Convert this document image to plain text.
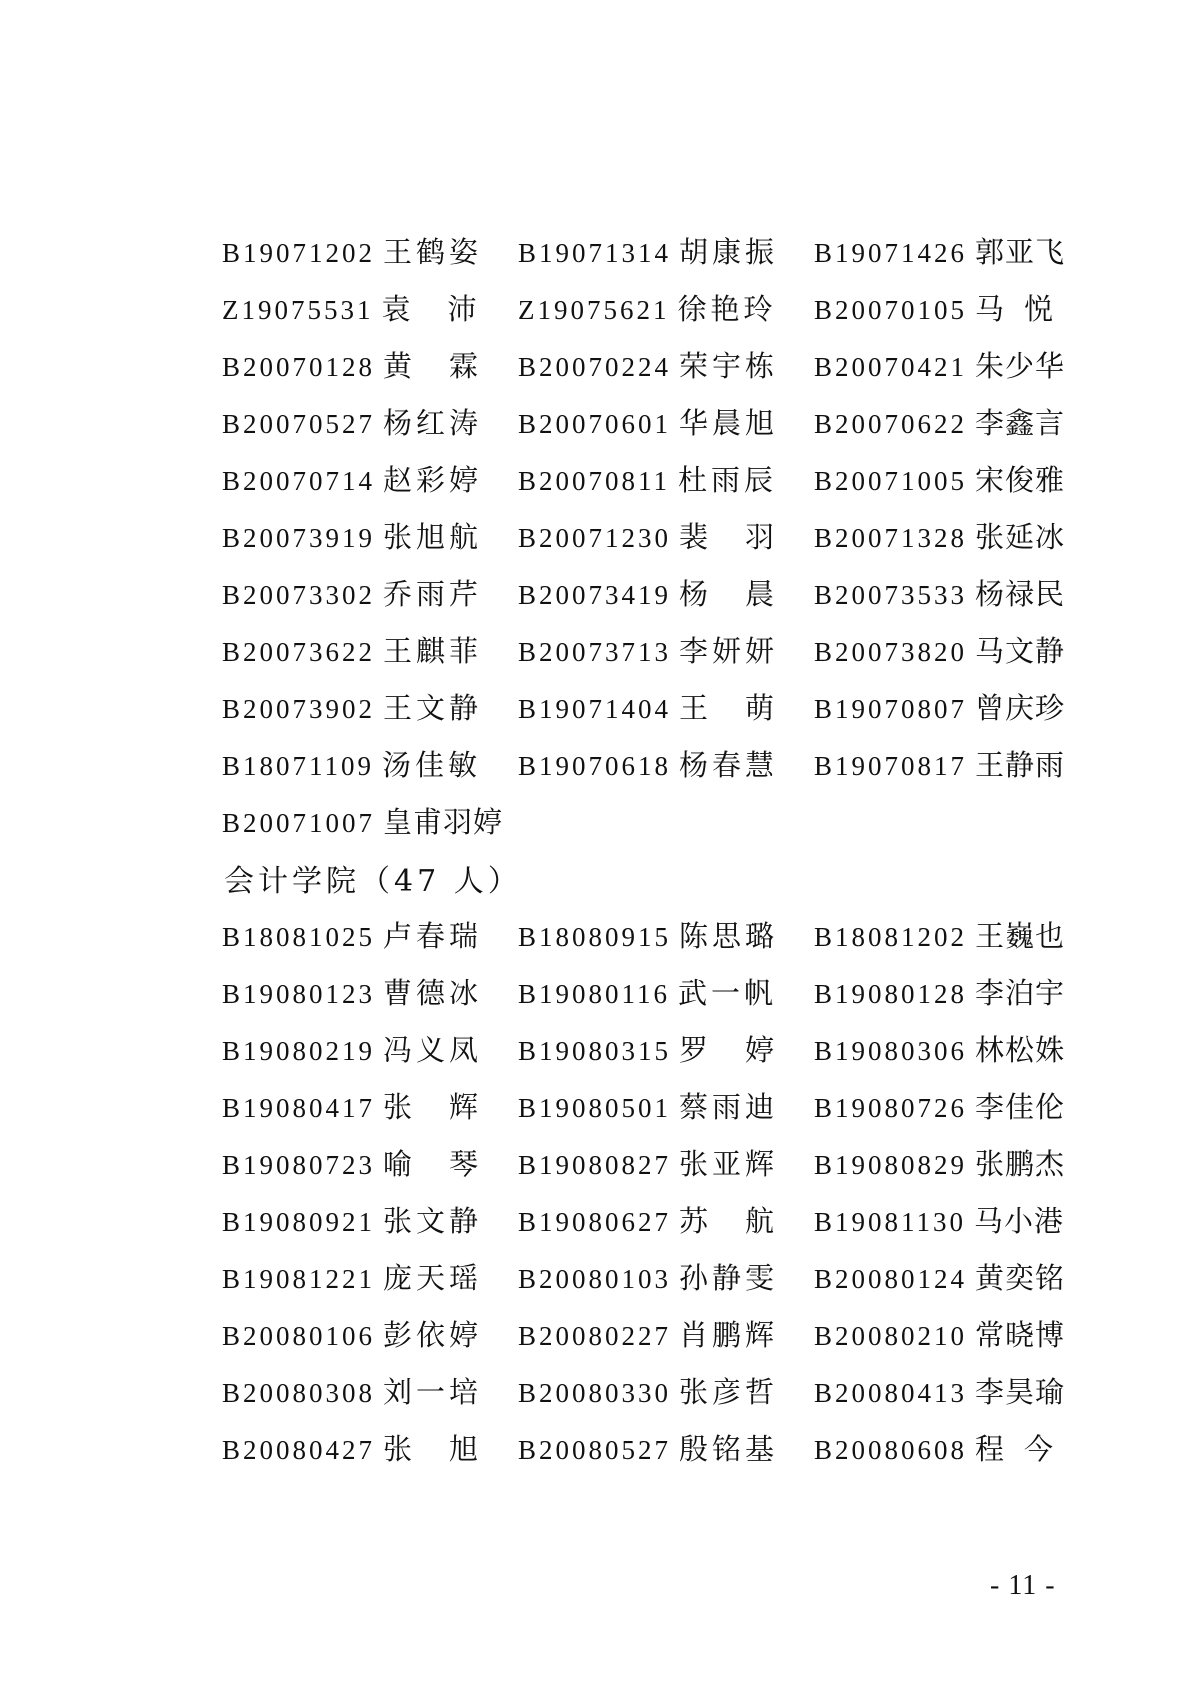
B19071202 王鹤姿 B19071314 胡康振 B19071426 郭亚飞
Z19075531 袁 沛 Z19075621 徐艳玲 B20070105 马 悦
B20070128 黄 霖 B20070224 荣宇栋 B20070421 朱少华
B20070527 杨红涛 B20070601 华晨旭 B20070622 李鑫言
B20070714 赵彩婷 B20070811 杜雨辰 B20071005 宋俊雅
B20073919 张旭航 B20071230 裴 羽 B20071328 张延冰
B20073302 乔雨芹 B20073419 杨 晨 B20073533 杨禄民
B20073622 王麒菲 B20073713 李妍妍 B20073820 马文静
B20073902 王文静 B19071404 王 萌 B19070807 曾庆珍
B18071109 汤佳敏 B19070618 杨春慧 B19070817 王静雨
B20071007 皇甫羽婷
会计学院（47 人）
B18081025 卢春瑞 B18080915 陈思璐 B18081202 王巍也
B19080123 曹德冰 B19080116 武一帆 B19080128 李泊宇
B19080219 冯义凤 B19080315 罗 婷 B19080306 林松姝
B19080417 张 辉 B19080501 蔡雨迪 B19080726 李佳伦
B19080723 喻 琴 B19080827 张亚辉 B19080829 张鹏杰
B19080921 张文静 B19080627 苏 航 B19081130 马小港
B19081221 庞天瑶 B20080103 孙静雯 B20080124 黄奕铭
B20080106 彭依婷 B20080227 肖鹏辉 B20080210 常晓博
B20080308 刘一培 B20080330 张彦哲 B20080413 李昊瑜
B20080427 张 旭 B20080527 殷铭基 B20080608 程 今
- 11 -
